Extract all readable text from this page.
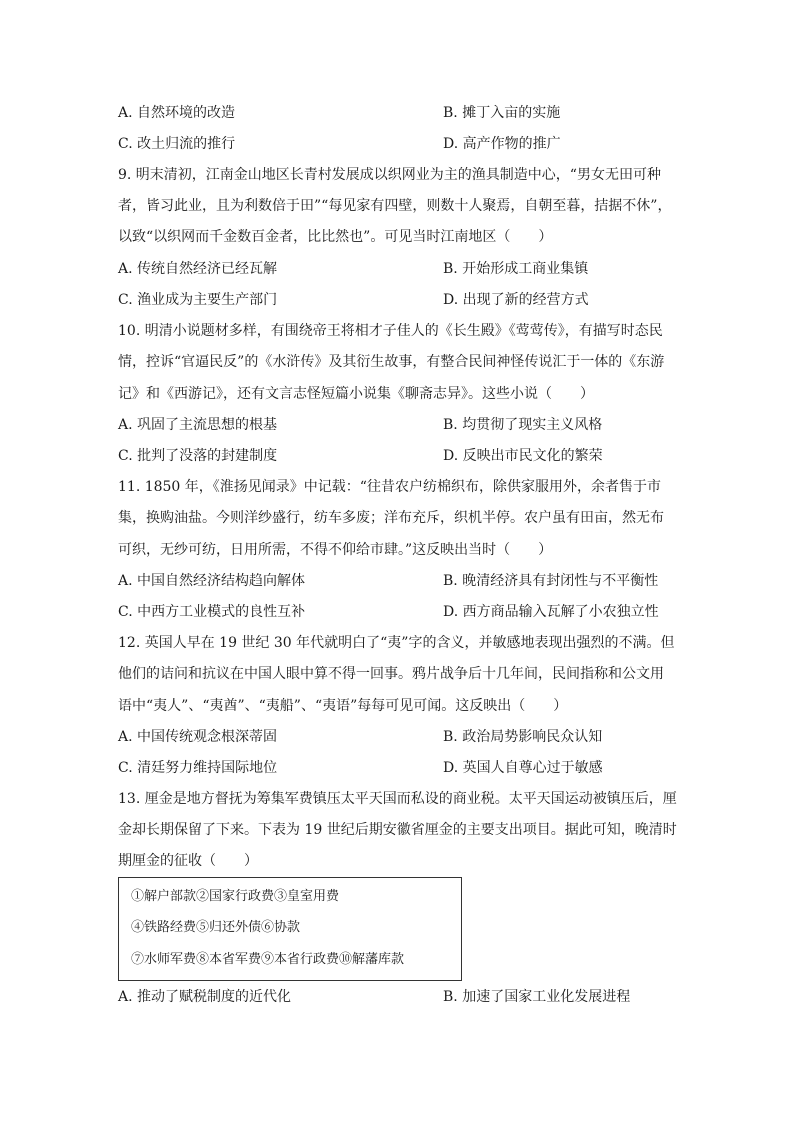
A. 自然环境的改造	B. 摊丁入亩的实施
C. 改土归流的推行	D. 高产作物的推广
9. 明末清初，江南金山地区长青村发展成以织网业为主的渔具制造中心，“男女无田可种
者，皆习此业，且为利数倍于田”“每见家有四壁，则数十人聚焉，自朝至暮，拮据不休”，
以致“以织网而千金数百金者，比比然也”。可见当时江南地区（　　）
A. 传统自然经济已经瓦解	B. 开始形成工商业集镇
C. 渔业成为主要生产部门	D. 出现了新的经营方式
10. 明清小说题材多样，有围绕帝王将相才子佳人的《长生殿》《莺莺传》，有描写时态民
情，控诉“官逼民反”的《水浒传》及其衍生故事，有整合民间神怪传说汇于一体的《东游
记》和《西游记》，还有文言志怪短篇小说集《聊斋志异》。这些小说（　　）
A. 巩固了主流思想的根基	B. 均贯彻了现实主义风格
C. 批判了没落的封建制度	D. 反映出市民文化的繁荣
11. 1850 年，《淮扬见闻录》中记载：“往昔农户纺棉织布，除供家服用外，余者售于市
集，换购油盐。今则洋纱盛行，纺车多废；洋布充斥，织机半停。农户虽有田亩，然无布
可织，无纱可纺，日用所需，不得不仰给市肆。”这反映出当时（　　）
A. 中国自然经济结构趋向解体	B. 晚清经济具有封闭性与不平衡性
C. 中西方工业模式的良性互补	D. 西方商品输入瓦解了小农独立性
12. 英国人早在 19 世纪 30 年代就明白了“夷”字的含义，并敏感地表现出强烈的不满。但
他们的诘问和抗议在中国人眼中算不得一回事。鸦片战争后十几年间，民间指称和公文用
语中“夷人”、“夷酋”、“夷船”、“夷语”每每可见可闻。这反映出（　　）
A. 中国传统观念根深蒂固	B. 政治局势影响民众认知
C. 清廷努力维持国际地位	D. 英国人自尊心过于敏感
13. 厘金是地方督抚为筹集军费镇压太平天国而私设的商业税。太平天国运动被镇压后，厘
金却长期保留了下来。下表为 19 世纪后期安徽省厘金的主要支出项目。据此可知，晚清时
期厘金的征收（　　）
①解户部款②国家行政费③皇室用费
④铁路经费⑤归还外债⑥协款
⑦水师军费⑧本省军费⑨本省行政费⑩解藩库款
A. 推动了赋税制度的近代化	B. 加速了国家工业化发展进程
